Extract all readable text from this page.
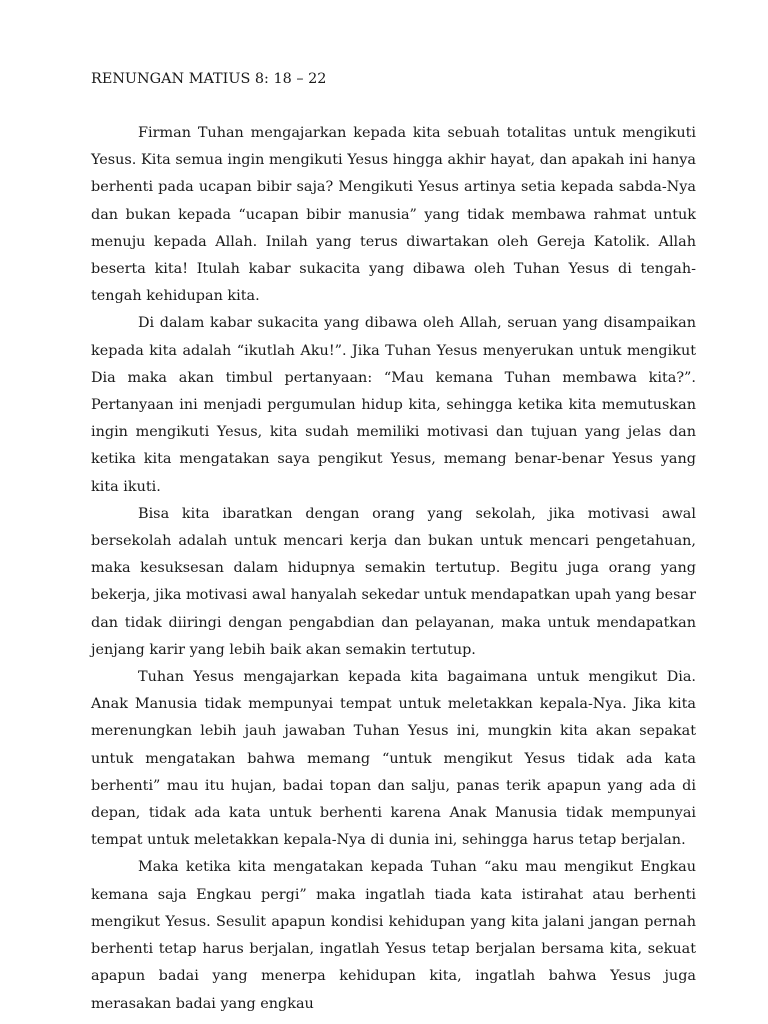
RENUNGAN MATIUS 8: 18 – 22

Firman Tuhan mengajarkan kepada kita sebuah totalitas untuk mengikuti Yesus. Kita semua ingin mengikuti Yesus hingga akhir hayat, dan apakah ini hanya berhenti pada ucapan bibir saja? Mengikuti Yesus artinya setia kepada sabda-Nya dan bukan kepada “ucapan bibir manusia” yang tidak membawa rahmat untuk menuju kepada Allah. Inilah yang terus diwartakan oleh Gereja Katolik. Allah beserta kita! Itulah kabar sukacita yang dibawa oleh Tuhan Yesus di tengah-tengah kehidupan kita.

Di dalam kabar sukacita yang dibawa oleh Allah, seruan yang disampaikan kepada kita adalah “ikutlah Aku!”. Jika Tuhan Yesus menyerukan untuk mengikut Dia maka akan timbul pertanyaan: “Mau kemana Tuhan membawa kita?”. Pertanyaan ini menjadi pergumulan hidup kita, sehingga ketika kita memutuskan ingin mengikuti Yesus, kita sudah memiliki motivasi dan tujuan yang jelas dan ketika kita mengatakan saya pengikut Yesus, memang benar-benar Yesus yang kita ikuti.

Bisa kita ibaratkan dengan orang yang sekolah, jika motivasi awal bersekolah adalah untuk mencari kerja dan bukan untuk mencari pengetahuan, maka kesuksesan dalam hidupnya semakin tertutup. Begitu juga orang yang bekerja, jika motivasi awal hanyalah sekedar untuk mendapatkan upah yang besar dan tidak diiringi dengan pengabdian dan pelayanan, maka untuk mendapatkan jenjang karir yang lebih baik akan semakin tertutup.

Tuhan Yesus mengajarkan kepada kita bagaimana untuk mengikut Dia. Anak Manusia tidak mempunyai tempat untuk meletakkan kepala-Nya. Jika kita merenungkan lebih jauh jawaban Tuhan Yesus ini, mungkin kita akan sepakat untuk mengatakan bahwa memang “untuk mengikut Yesus tidak ada kata berhenti” mau itu hujan, badai topan dan salju, panas terik apapun yang ada di depan, tidak ada kata untuk berhenti karena Anak Manusia tidak mempunyai tempat untuk meletakkan kepala-Nya di dunia ini, sehingga harus tetap berjalan.

Maka ketika kita mengatakan kepada Tuhan “aku mau mengikut Engkau kemana saja Engkau pergi” maka ingatlah tiada kata istirahat atau berhenti mengikut Yesus. Sesulit apapun kondisi kehidupan yang kita jalani jangan pernah berhenti tetap harus berjalan, ingatlah Yesus tetap berjalan bersama kita, sekuat apapun badai yang menerpa kehidupan kita, ingatlah bahwa Yesus juga merasakan badai yang engkau
